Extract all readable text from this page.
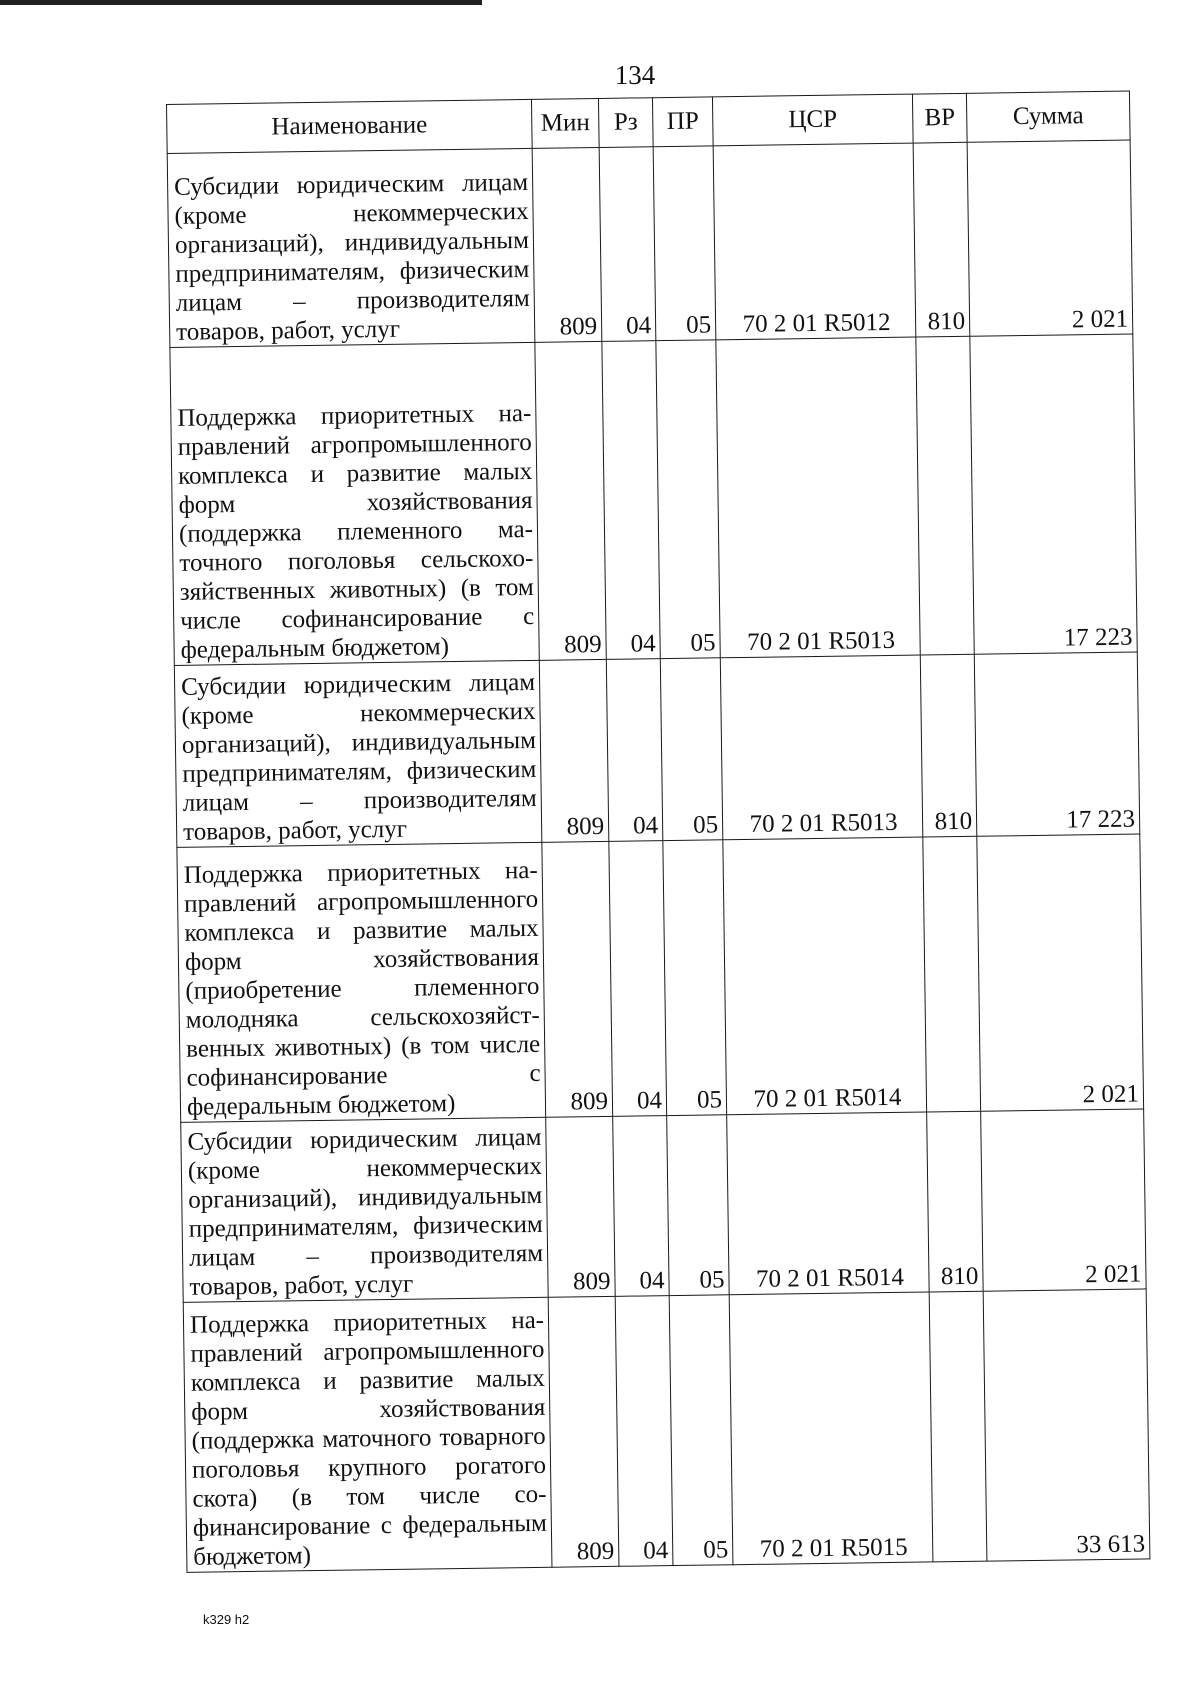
134
Наименование	Мин	Рз	ПР	ЦСР	ВР	Сумма
Субсидии юридическим лицам (кроме некоммерческих организаций), индивидуальным предпринимателям, физическим лицам – производителям товаров, работ, услуг	809	04	05	70 2 01 R5012	810	2 021
Поддержка приоритетных направлений агропромышленного комплекса и развитие малых форм хозяйствования (поддержка племенного маточного поголовья сельскохозяйственных животных) (в том числе софинансирование с федеральным бюджетом)	809	04	05	70 2 01 R5013		17 223
Субсидии юридическим лицам (кроме некоммерческих организаций), индивидуальным предпринимателям, физическим лицам – производителям товаров, работ, услуг	809	04	05	70 2 01 R5013	810	17 223
Поддержка приоритетных направлений агропромышленного комплекса и развитие малых форм хозяйствования (приобретение племенного молодняка сельскохозяйственных животных) (в том числе софинансирование с федеральным бюджетом)	809	04	05	70 2 01 R5014		2 021
Субсидии юридическим лицам (кроме некоммерческих организаций), индивидуальным предпринимателям, физическим лицам – производителям товаров, работ, услуг	809	04	05	70 2 01 R5014	810	2 021
Поддержка приоритетных направлений агропромышленного комплекса и развитие малых форм хозяйствования (поддержка маточного товарного поголовья крупного рогатого скота) (в том числе софинансирование с федеральным бюджетом)	809	04	05	70 2 01 R5015		33 613
k329 h2
